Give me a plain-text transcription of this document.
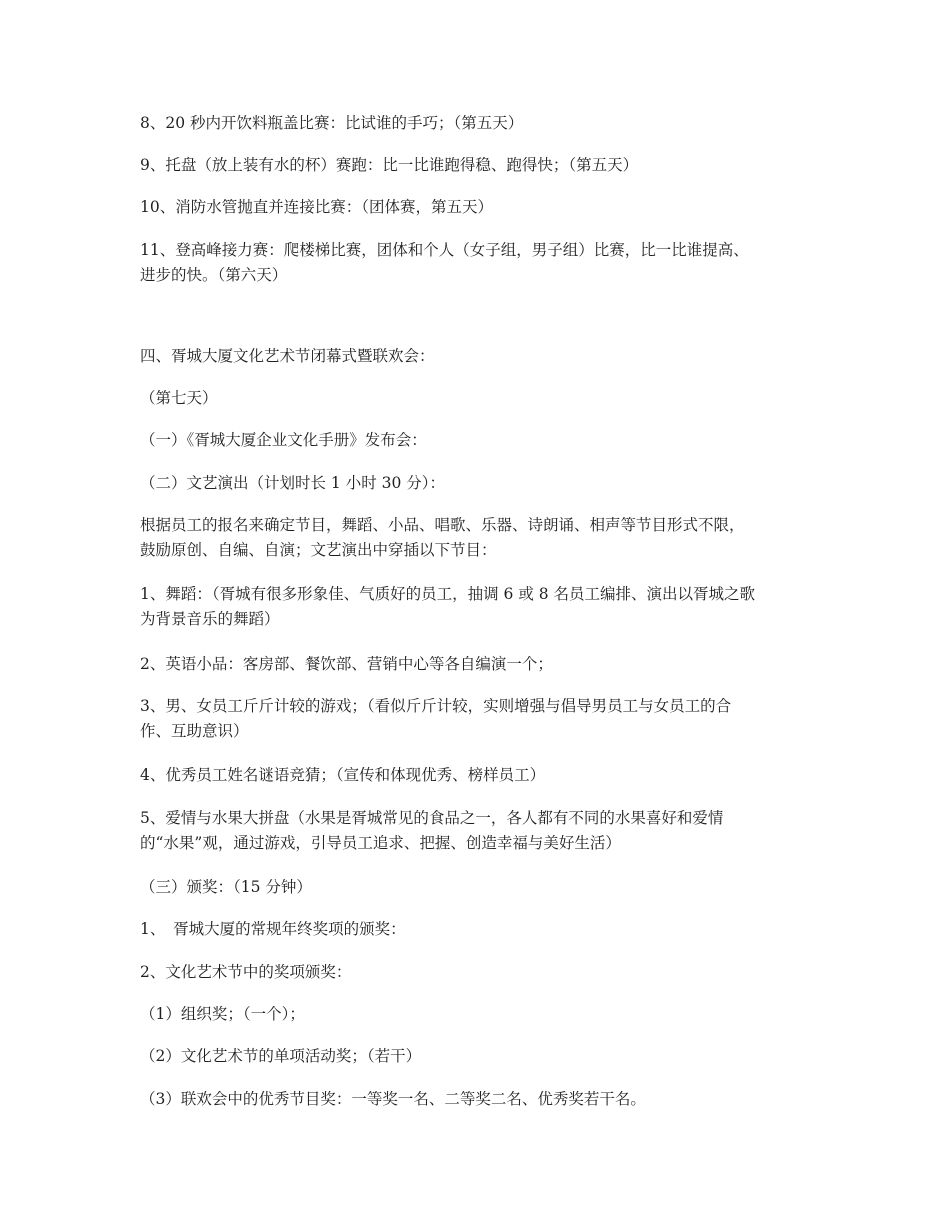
8、20 秒内开饮料瓶盖比赛：比试谁的手巧；（第五天）
9、托盘（放上装有水的杯）赛跑：比一比谁跑得稳、跑得快；（第五天）
10、消防水管抛直并连接比赛：（团体赛，第五天）
11、登高峰接力赛：爬楼梯比赛，团体和个人（女子组，男子组）比赛，比一比谁提高、
进步的快。（第六天）
四、胥城大厦文化艺术节闭幕式暨联欢会：
（第七天）
（一）《胥城大厦企业文化手册》发布会：
（二）文艺演出（计划时长 1 小时 30 分）：
根据员工的报名来确定节目，舞蹈、小品、唱歌、乐器、诗朗诵、相声等节目形式不限，
鼓励原创、自编、自演；文艺演出中穿插以下节目：
1、舞蹈：（胥城有很多形象佳、气质好的员工，抽调 6 或 8 名员工编排、演出以胥城之歌
为背景音乐的舞蹈）
2、英语小品：客房部、餐饮部、营销中心等各自编演一个；
3、男、女员工斤斤计较的游戏；（看似斤斤计较，实则增强与倡导男员工与女员工的合
作、互助意识）
4、优秀员工姓名谜语竞猜；（宣传和体现优秀、榜样员工）
5、爱情与水果大拼盘（水果是胥城常见的食品之一，各人都有不同的水果喜好和爱情
的“水果”观，通过游戏，引导员工追求、把握、创造幸福与美好生活）
（三）颁奖：（15 分钟）
1、　胥城大厦的常规年终奖项的颁奖：
2、文化艺术节中的奖项颁奖：
（1）组织奖；（一个）；
（2）文化艺术节的单项活动奖；（若干）
（3）联欢会中的优秀节目奖：一等奖一名、二等奖二名、优秀奖若干名。
